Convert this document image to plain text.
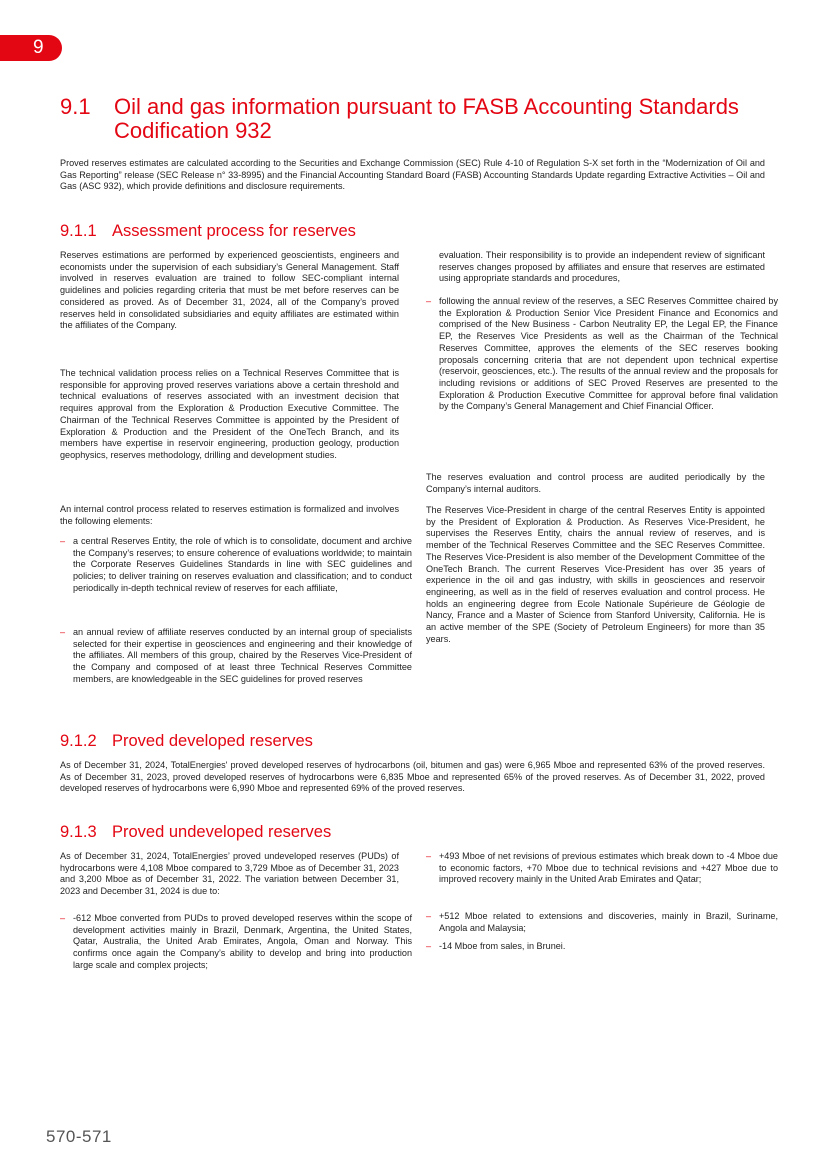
9
9.1 Oil and gas information pursuant to FASB Accounting Standards Codification 932

Proved reserves estimates are calculated according to the Securities and Exchange Commission (SEC) Rule 4-10 of Regulation S-X set forth in the “Modernization of Oil and Gas Reporting” release (SEC Release n° 33-8995) and the Financial Accounting Standard Board (FASB) Accounting Standards Update regarding Extractive Activities – Oil and Gas (ASC 932), which provide definitions and disclosure requirements.

9.1.1 Assessment process for reserves

Reserves estimations are performed by experienced geoscientists, engineers and economists under the supervision of each subsidiary’s General Management. Staff involved in reserves evaluation are trained to follow SEC-compliant internal guidelines and policies regarding criteria that must be met before reserves can be considered as proved. As of December 31, 2024, all of the Company’s proved reserves held in consolidated subsidiaries and equity affiliates are estimated within the affiliates of the Company.

The technical validation process relies on a Technical Reserves Committee that is responsible for approving proved reserves variations above a certain threshold and technical evaluations of reserves associated with an investment decision that requires approval from the Exploration & Production Executive Committee. The Chairman of the Technical Reserves Committee is appointed by the President of Exploration & Production and the President of the OneTech Branch, and its members have expertise in reservoir engineering, production geology, production geophysics, reserves methodology, drilling and development studies.

An internal control process related to reserves estimation is formalized and involves the following elements:

– a central Reserves Entity, the role of which is to consolidate, document and archive the Company’s reserves; to ensure coherence of evaluations worldwide; to maintain the Corporate Reserves Guidelines Standards in line with SEC guidelines and policies; to deliver training on reserves evaluation and classification; and to conduct periodically in-depth technical review of reserves for each affiliate,

– an annual review of affiliate reserves conducted by an internal group of specialists selected for their expertise in geosciences and engineering and their knowledge of the affiliates. All members of this group, chaired by the Reserves Vice-President of the Company and composed of at least three Technical Reserves Committee members, are knowledgeable in the SEC guidelines for proved reserves

evaluation. Their responsibility is to provide an independent review of significant reserves changes proposed by affiliates and ensure that reserves are estimated using appropriate standards and procedures,

– following the annual review of the reserves, a SEC Reserves Committee chaired by the Exploration & Production Senior Vice President Finance and Economics and comprised of the New Business - Carbon Neutrality EP, the Legal EP, the Finance EP, the Reserves Vice Presidents as well as the Chairman of the Technical Reserves Committee, approves the elements of the SEC reserves booking proposals concerning criteria that are not dependent upon technical expertise (reservoir, geosciences, etc.). The results of the annual review and the proposals for including revisions or additions of SEC Proved Reserves are presented to the Exploration & Production Executive Committee for approval before final validation by the Company’s General Management and Chief Financial Officer.

The reserves evaluation and control process are audited periodically by the Company’s internal auditors.

The Reserves Vice-President in charge of the central Reserves Entity is appointed by the President of Exploration & Production. As Reserves Vice-President, he supervises the Reserves Entity, chairs the annual review of reserves, and is member of the Technical Reserves Committee and the SEC Reserves Committee. The Reserves Vice-President is also member of the Development Committee of the OneTech Branch. The current Reserves Vice-President has over 35 years of experience in the oil and gas industry, with skills in geosciences and reservoir engineering, as well as in the field of reserves evaluation and control process. He holds an engineering degree from Ecole Nationale Supérieure de Géologie de Nancy, France and a Master of Science from Stanford University, California. He is an active member of the SPE (Society of Petroleum Engineers) for more than 35 years.

9.1.2 Proved developed reserves

As of December 31, 2024, TotalEnergies' proved developed reserves of hydrocarbons (oil, bitumen and gas) were 6,965 Mboe and represented 63% of the proved reserves. As of December 31, 2023, proved developed reserves of hydrocarbons were 6,835 Mboe and represented 65% of the proved reserves. As of December 31, 2022, proved developed reserves of hydrocarbons were 6,990 Mboe and represented 69% of the proved reserves.

9.1.3 Proved undeveloped reserves

As of December 31, 2024, TotalEnergies’ proved undeveloped reserves (PUDs) of hydrocarbons were 4,108 Mboe compared to 3,729 Mboe as of December 31, 2023 and 3,200 Mboe as of December 31, 2022. The variation between December 31, 2023 and December 31, 2024 is due to:

– -612 Mboe converted from PUDs to proved developed reserves within the scope of development activities mainly in Brazil, Denmark, Argentina, the United States, Qatar, Australia, the United Arab Emirates, Angola, Oman and Norway. This confirms once again the Company’s ability to develop and bring into production large scale and complex projects;

– +493 Mboe of net revisions of previous estimates which break down to -4 Mboe due to economic factors, +70 Mboe due to technical revisions and +427 Mboe due to improved recovery mainly in the United Arab Emirates and Qatar;

– +512 Mboe related to extensions and discoveries, mainly in Brazil, Suriname, Angola and Malaysia;

– -14 Mboe from sales, in Brunei.

570-571
